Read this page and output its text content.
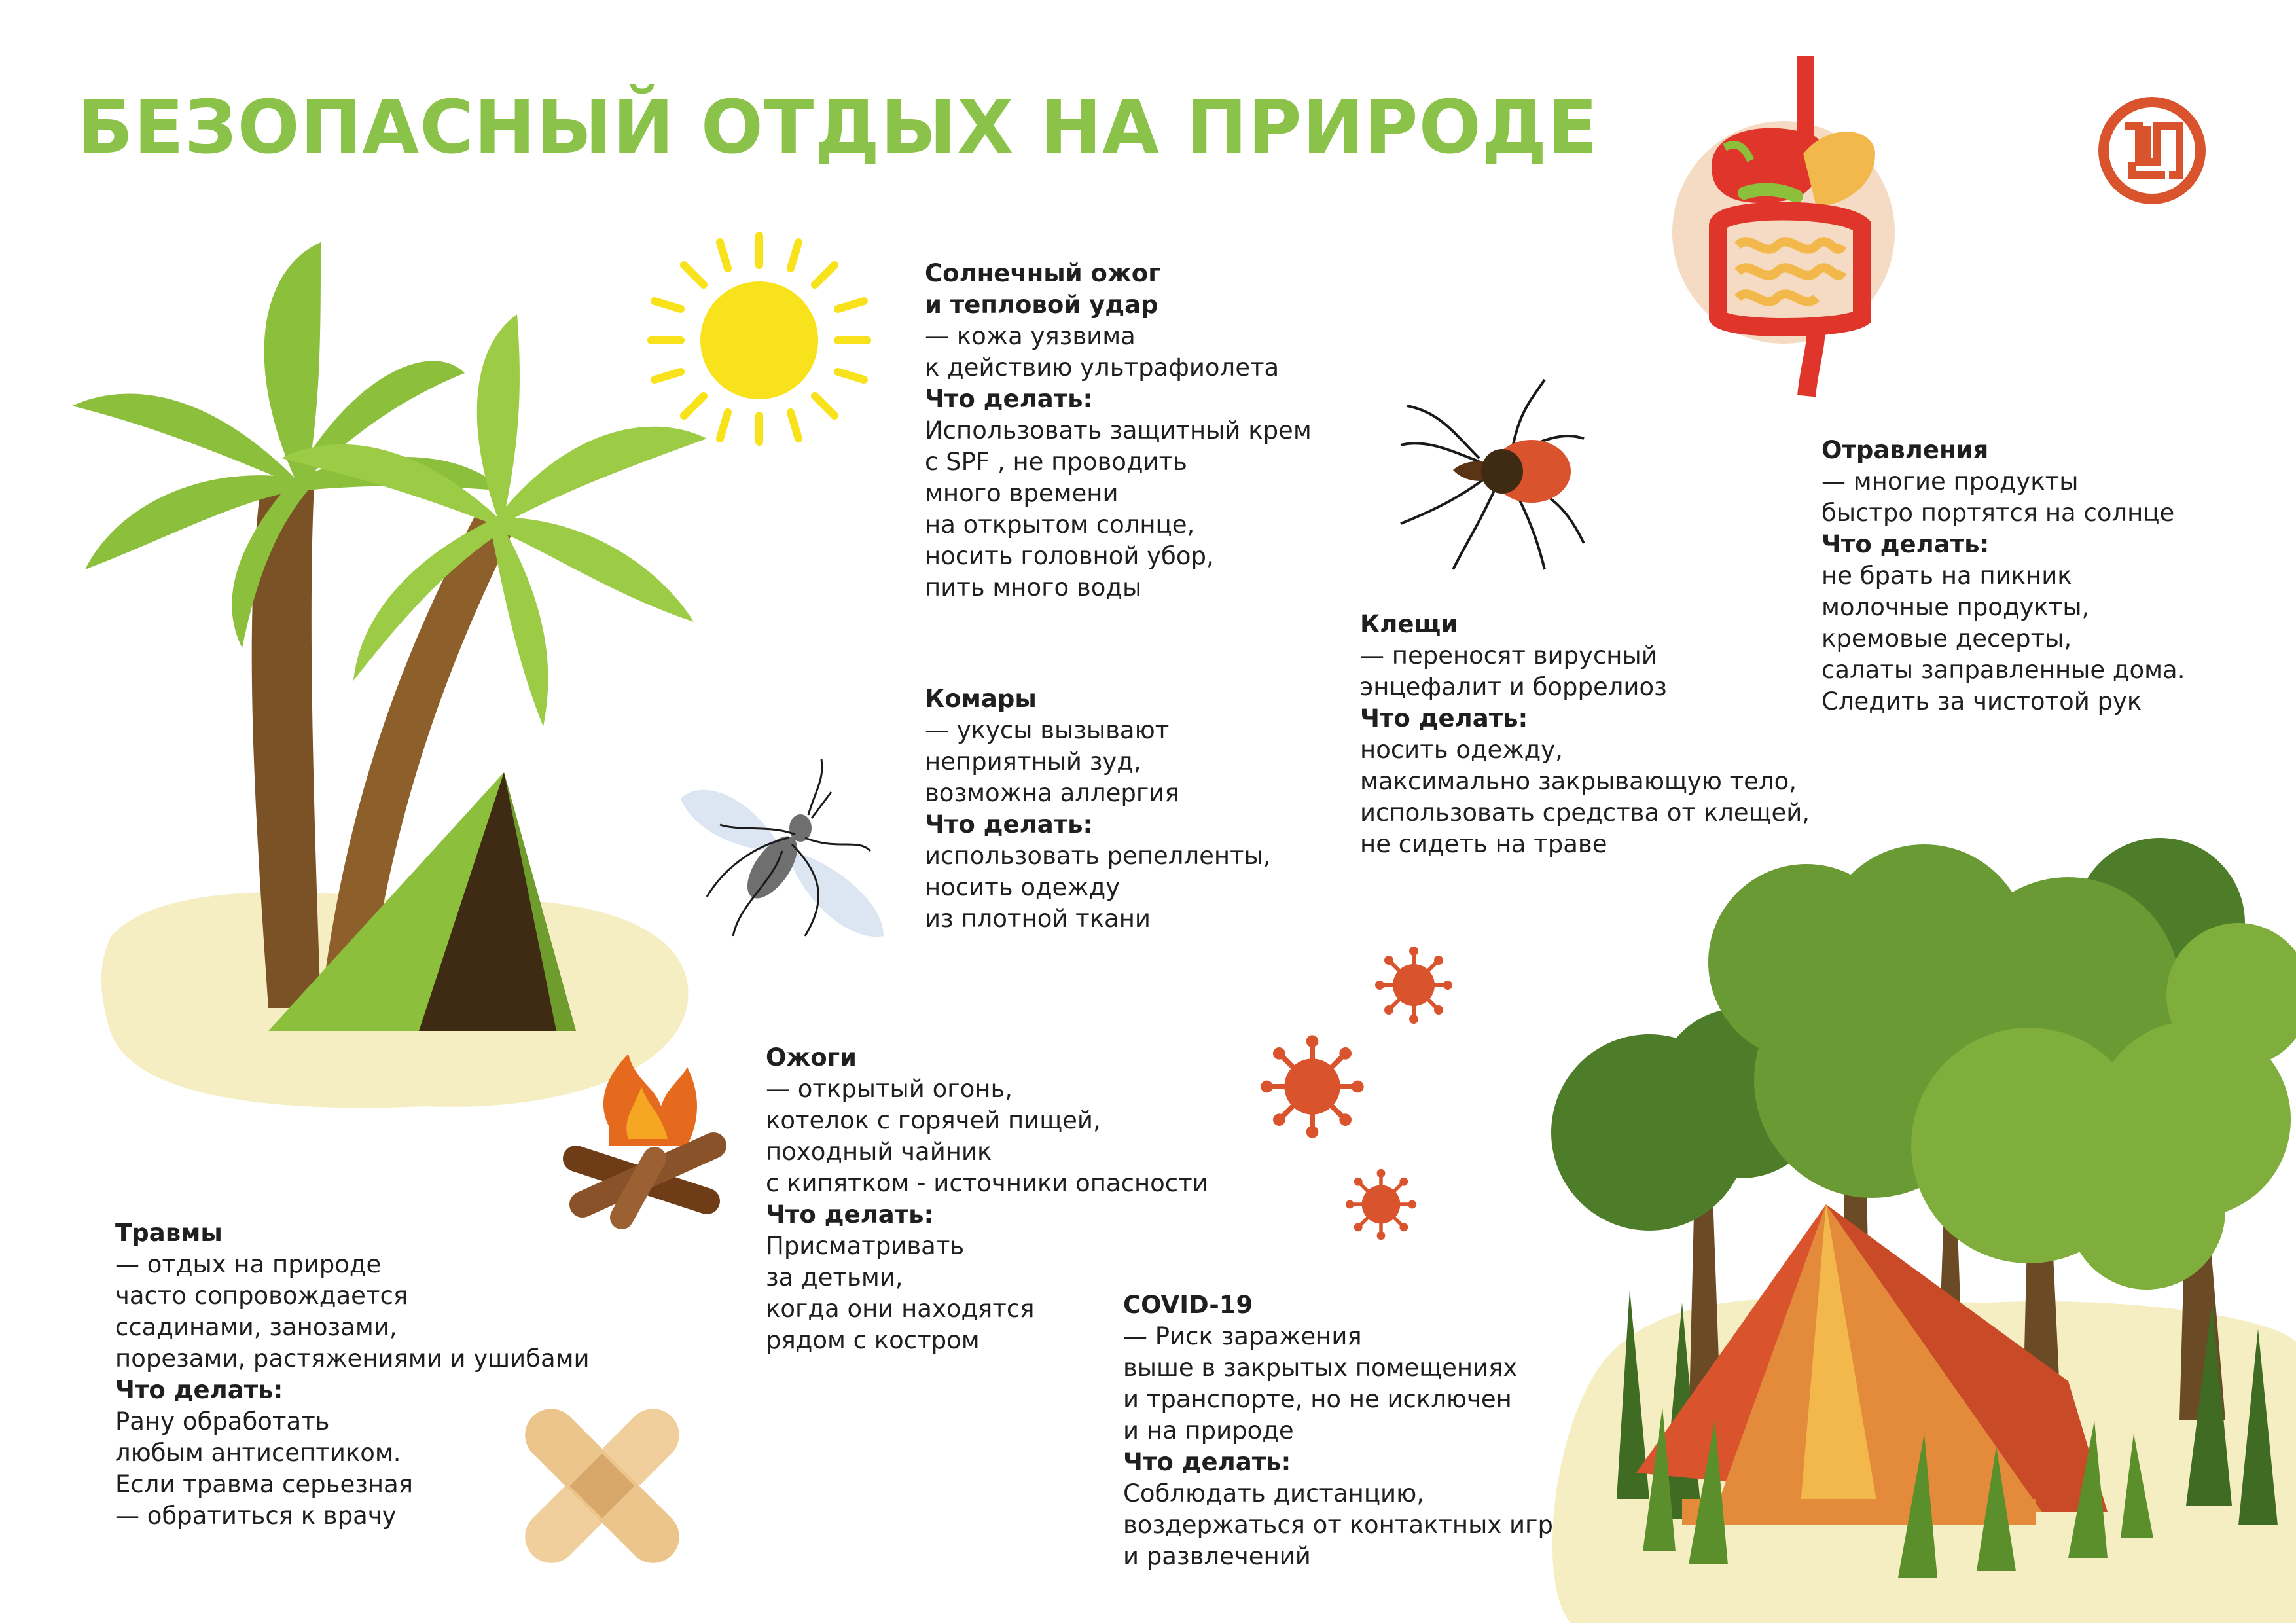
БЕЗОПАСНЫЙ ОТДЫХ НА ПРИРОДЕ
Солнечный ожог
и тепловой удар
— кожа уязвима
к действию ультрафиолета
Что делать:
Использовать защитный крем
с SPF , не проводить
много времени
на открытом солнце,
носить головной убор,
пить много воды
Комары
— укусы вызывают
неприятный зуд,
возможна аллергия
Что делать:
использовать репелленты,
носить одежду
из плотной ткани
Клещи
— переносят вирусный
энцефалит и боррелиоз
Что делать:
носить одежду,
максимально закрывающую тело,
использовать средства от клещей,
не сидеть на траве
Отравления
— многие продукты
быстро портятся на солнце
Что делать:
не брать на пикник
молочные продукты,
кремовые десерты,
салаты заправленные дома.
Следить за чистотой рук
Ожоги
— открытый огонь,
котелок с горячей пищей,
походный чайник
с кипятком - источники опасности
Что делать:
Присматривать
за детьми,
когда они находятся
рядом с костром
Травмы
— отдых на природе
часто сопровождается
ссадинами, занозами,
порезами, растяжениями и ушибами
Что делать:
Рану обработать
любым антисептиком.
Если травма серьезная
— обратиться к врачу
COVID-19
— Риск заражения
выше в закрытых помещениях
и транспорте, но не исключен
и на природе
Что делать:
Соблюдать дистанцию,
воздержаться от контактных игр
и развлечений
